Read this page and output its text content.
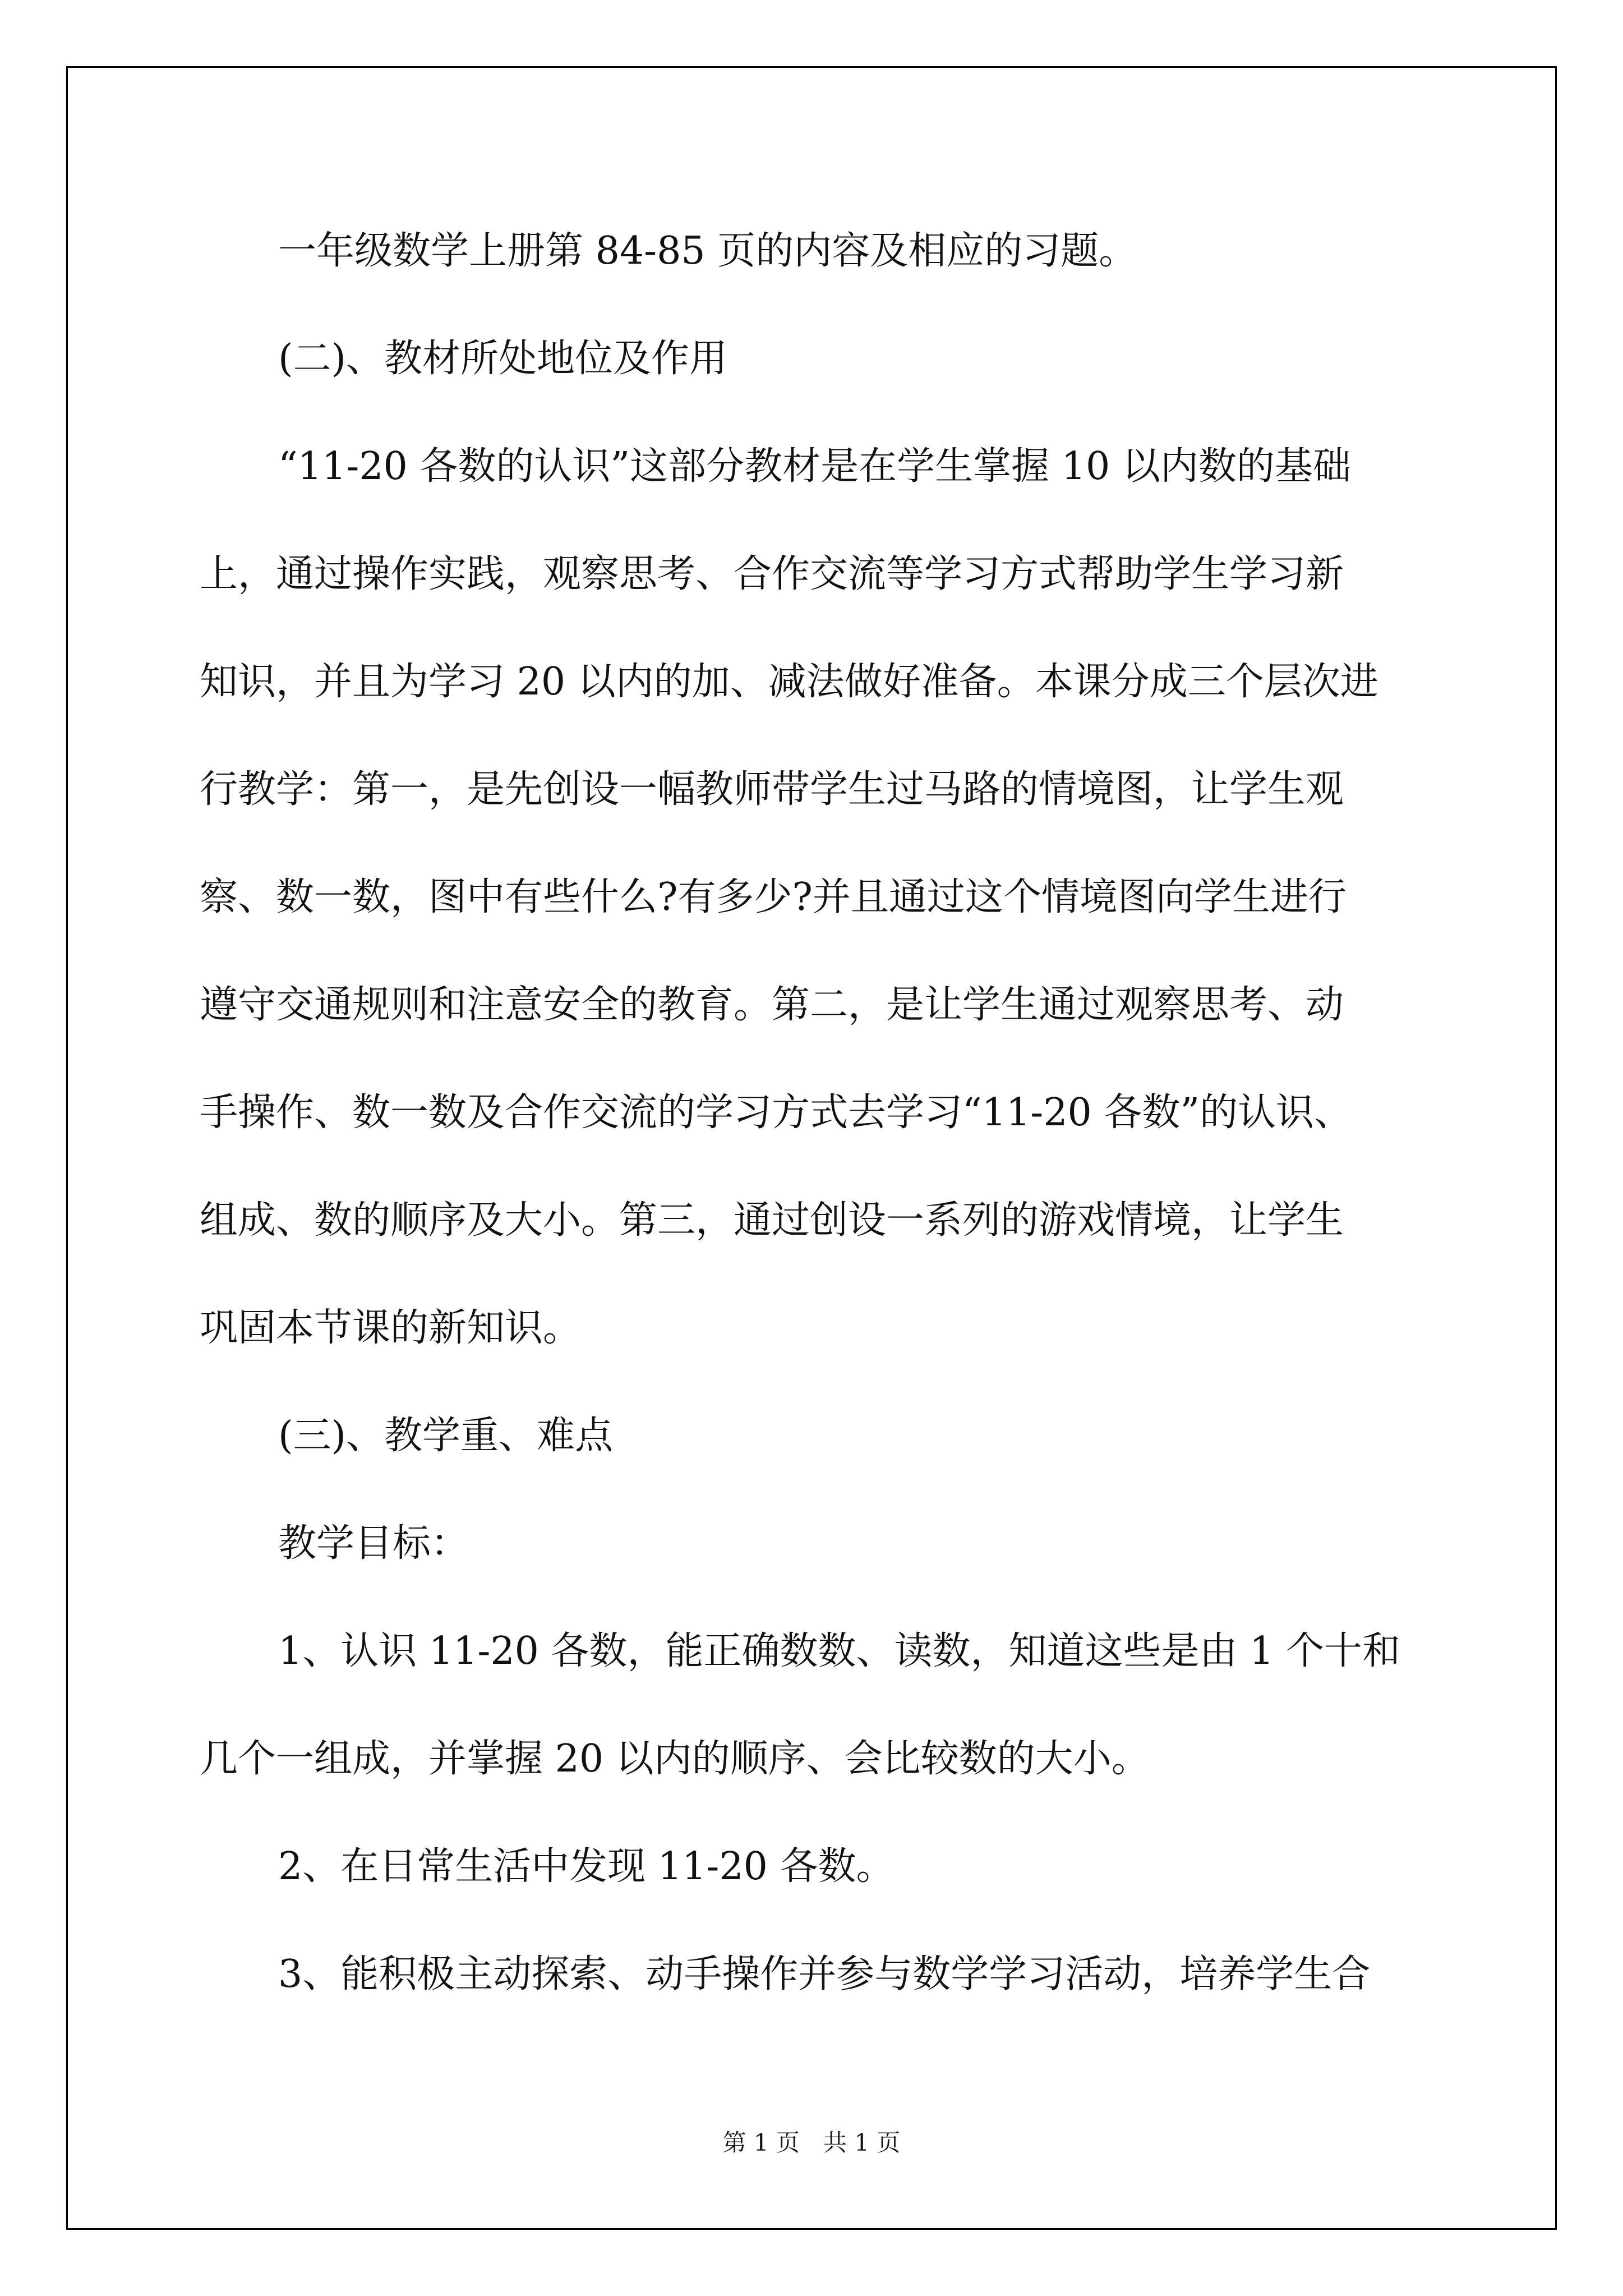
一年级数学上册第 84-85 页的内容及相应的习题。

(二)、教材所处地位及作用

“11-20 各数的认识”这部分教材是在学生掌握 10 以内数的基础

上，通过操作实践，观察思考、合作交流等学习方式帮助学生学习新

知识，并且为学习 20 以内的加、减法做好准备。本课分成三个层次进

行教学：第一，是先创设一幅教师带学生过马路的情境图，让学生观

察、数一数，图中有些什么?有多少?并且通过这个情境图向学生进行

遵守交通规则和注意安全的教育。第二，是让学生通过观察思考、动

手操作、数一数及合作交流的学习方式去学习“11-20 各数”的认识、

组成、数的顺序及大小。第三，通过创设一系列的游戏情境，让学生

巩固本节课的新知识。

(三)、教学重、难点

教学目标：

1、认识 11-20 各数，能正确数数、读数，知道这些是由 1 个十和

几个一组成，并掌握 20 以内的顺序、会比较数的大小。

2、在日常生活中发现 11-20 各数。

3、能积极主动探索、动手操作并参与数学学习活动，培养学生合

第 1 页　共 1 页
